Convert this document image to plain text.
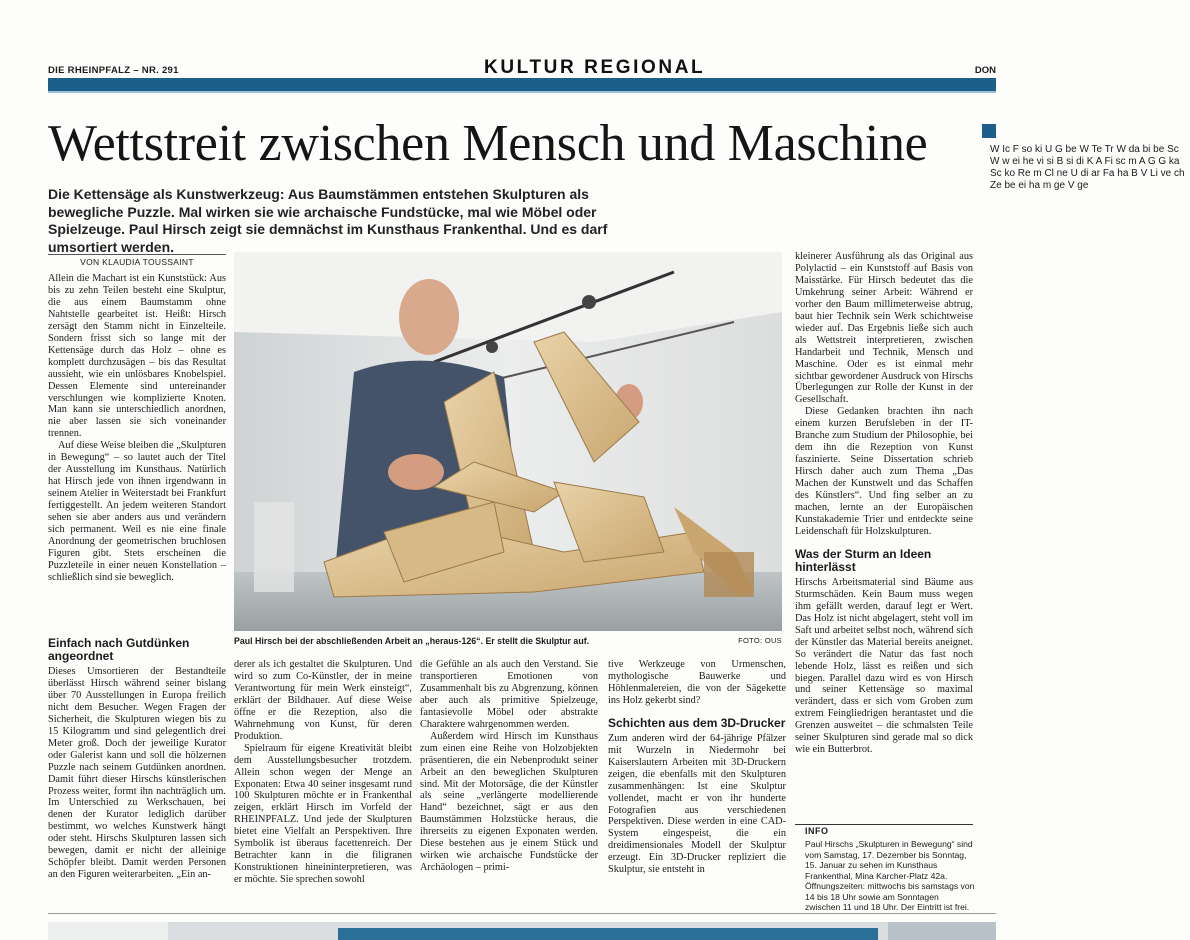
DIE RHEINPFALZ – NR. 291	KULTUR REGIONAL	DON
Wettstreit zwischen Mensch und Maschine
Die Kettensäge als Kunstwerkzeug: Aus Baumstämmen entstehen Skulpturen als bewegliche Puzzle. Mal wirken sie wie archaische Fundstücke, mal wie Möbel oder Spielzeuge. Paul Hirsch zeigt sie demnächst im Kunsthaus Frankenthal. Und es darf umsortiert werden.
VON KLAUDIA TOUSSAINT

Allein die Machart ist ein Kunststück: Aus bis zu zehn Teilen besteht eine Skulptur, die aus einem Baumstamm ohne Nahtstelle gearbeitet ist. Heißt: Hirsch zersägt den Stamm nicht in Einzelteile. Sondern frisst sich so lange mit der Kettensäge durch das Holz – ohne es komplett durchzusägen – bis das Resultat aussieht, wie ein unlösbares Knobelspiel. Dessen Elemente sind untereinander verschlungen wie komplizierte Knoten. Man kann sie unterschiedlich anordnen, nie aber lassen sie sich voneinander trennen.

Auf diese Weise bleiben die „Skulpturen in Bewegung“ – so lautet auch der Titel der Ausstellung im Kunsthaus. Natürlich hat Hirsch jede von ihnen irgendwann in seinem Atelier in Weiterstadt bei Frankfurt fertiggestellt. An jedem weiteren Standort sehen sie aber anders aus und verändern sich permanent. Weil es nie eine finale Anordnung der geometrischen bruchlosen Figuren gibt. Stets erscheinen die Puzzleteile in einer neuen Konstellation – schließlich sind sie beweglich.

Einfach nach Gutdünken angeordnet

Dieses Umsortieren der Bestandteile überlässt Hirsch während seiner bislang über 70 Ausstellungen in Europa freilich nicht dem Besucher. Wegen Fragen der Sicherheit, die Skulpturen wiegen bis zu 15 Kilogramm und sind gelegentlich drei Meter groß. Doch der jeweilige Kurator oder Galerist kann und soll die hölzernen Puzzle nach seinem Gutdünken anordnen. Damit führt dieser Hirschs künstlerischen Prozess weiter, formt ihn nachträglich um. Im Unterschied zu Werkschauen, bei denen der Kurator lediglich darüber bestimmt, wo welches Kunstwerk hängt oder steht. Hirschs Skulpturen lassen sich bewegen, damit er nicht der alleinige Schöpfer bleibt. Damit werden Personen an den Figuren weiterarbeiten. „Ein an-

Paul Hirsch bei der abschließenden Arbeit an „heraus-126“. Er stellt die Skulptur auf.	FOTO: OUS

derer als ich gestaltet die Skulpturen. Und wird so zum Co-Künstler, der in meine Verantwortung für mein Werk einsteigt“, erklärt der Bildhauer. Auf diese Weise öffne er die Rezeption, also die Wahrnehmung von Kunst, für deren Produktion.

Spielraum für eigene Kreativität bleibt dem Ausstellungsbesucher trotzdem. Allein schon wegen der Menge an Exponaten: Etwa 40 seiner insgesamt rund 100 Skulpturen möchte er in Frankenthal zeigen, erklärt Hirsch im Vorfeld der RHEINPFALZ. Und jede der Skulpturen bietet eine Vielfalt an Perspektiven. Ihre Symbolik ist überaus facettenreich. Der Betrachter kann in die filigranen Konstruktionen hineininterpretieren, was er möchte. Sie sprechen sowohl

die Gefühle an als auch den Verstand. Sie transportieren Emotionen von Zusammenhalt bis zu Abgrenzung, können aber auch als primitive Spielzeuge, fantasievolle Möbel oder abstrakte Charaktere wahrgenommen werden.

Außerdem wird Hirsch im Kunsthaus zum einen eine Reihe von Holzobjekten präsentieren, die ein Nebenprodukt seiner Arbeit an den beweglichen Skulpturen sind. Mit der Motorsäge, die der Künstler als seine „verlängerte modellierende Hand“ bezeichnet, sägt er aus den Baumstämmen Holzstücke heraus, die ihrerseits zu eigenen Exponaten werden. Diese bestehen aus je einem Stück und wirken wie archaische Fundstücke der Archäologen – primi-

tive Werkzeuge von Urmenschen, mythologische Bauwerke und Höhlenmalereien, die von der Sägekette ins Holz gekerbt sind?

Schichten aus dem 3D-Drucker

Zum anderen wird der 64-jährige Pfälzer mit Wurzeln in Niedermohr bei Kaiserslautern Arbeiten mit 3D-Druckern zeigen, die ebenfalls mit den Skulpturen zusammenhängen: Ist eine Skulptur vollendet, macht er von ihr hunderte Fotografien aus verschiedenen Perspektiven. Diese werden in eine CAD-System eingespeist, die ein dreidimensionales Modell der Skulptur erzeugt. Ein 3D-Drucker repliziert die Skulptur, sie entsteht in

kleinerer Ausführung als das Original aus Polylactid – ein Kunststoff auf Basis von Maisstärke. Für Hirsch bedeutet das die Umkehrung seiner Arbeit: Während er vorher den Baum millimeterweise abtrug, baut hier Technik sein Werk schichtweise wieder auf. Das Ergebnis ließe sich auch als Wettstreit interpretieren, zwischen Handarbeit und Technik, Mensch und Maschine. Oder es ist einmal mehr sichtbar gewordener Ausdruck von Hirschs Überlegungen zur Rolle der Kunst in der Gesellschaft.

Diese Gedanken brachten ihn nach einem kurzen Berufsleben in der IT-Branche zum Studium der Philosophie, bei dem ihn die Rezeption von Kunst faszinierte. Seine Dissertation schrieb Hirsch daher auch zum Thema „Das Machen der Kunstwelt und das Schaffen des Künstlers“. Und fing selber an zu machen, lernte an der Europäischen Kunstakademie Trier und entdeckte seine Leidenschaft für Holzskulpturen.

Was der Sturm an Ideen hinterlässt

Hirschs Arbeitsmaterial sind Bäume aus Sturmschäden. Kein Baum muss wegen ihm gefällt werden, darauf legt er Wert. Das Holz ist nicht abgelagert, steht voll im Saft und arbeitet selbst noch, während sich der Künstler das Material bereits aneignet. So verändert die Natur das fast noch lebende Holz, lässt es reißen und sich biegen. Parallel dazu wird es von Hirsch und seiner Kettensäge so maximal verändert, dass er sich vom Groben zum extrem Feingliedrigen herantastet und die Grenzen ausweitet – die schmalsten Teile seiner Skulpturen sind gerade mal so dick wie ein Butterbrot.

INFO
Paul Hirschs „Skulpturen in Bewegung“ sind vom Samstag, 17. Dezember bis Sonntag, 15. Januar zu sehen im Kunsthaus Frankenthal, Mina Karcher-Platz 42a. Öffnungszeiten: mittwochs bis samstags von 14 bis 18 Uhr sowie am Sonntagen zwischen 11 und 18 Uhr. Der Eintritt ist frei.
W Ic F so ki U G be W Te Tr W da bi be Sc W w ei he vi si B si di K A Fi sc m A G G ka Sc ko Re m Cl ne U di ar Fa ha B V Li ve ch Ze be ei ha m ge V ge
